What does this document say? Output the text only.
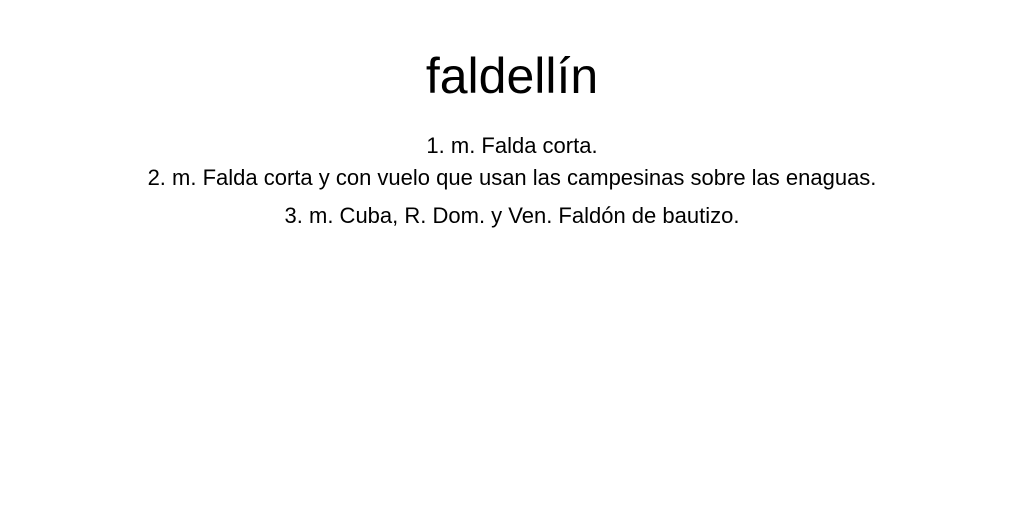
faldellín
1. m. Falda corta.
2. m. Falda corta y con vuelo que usan las campesinas sobre las enaguas.
3. m. Cuba, R. Dom. y Ven. Faldón de bautizo.
